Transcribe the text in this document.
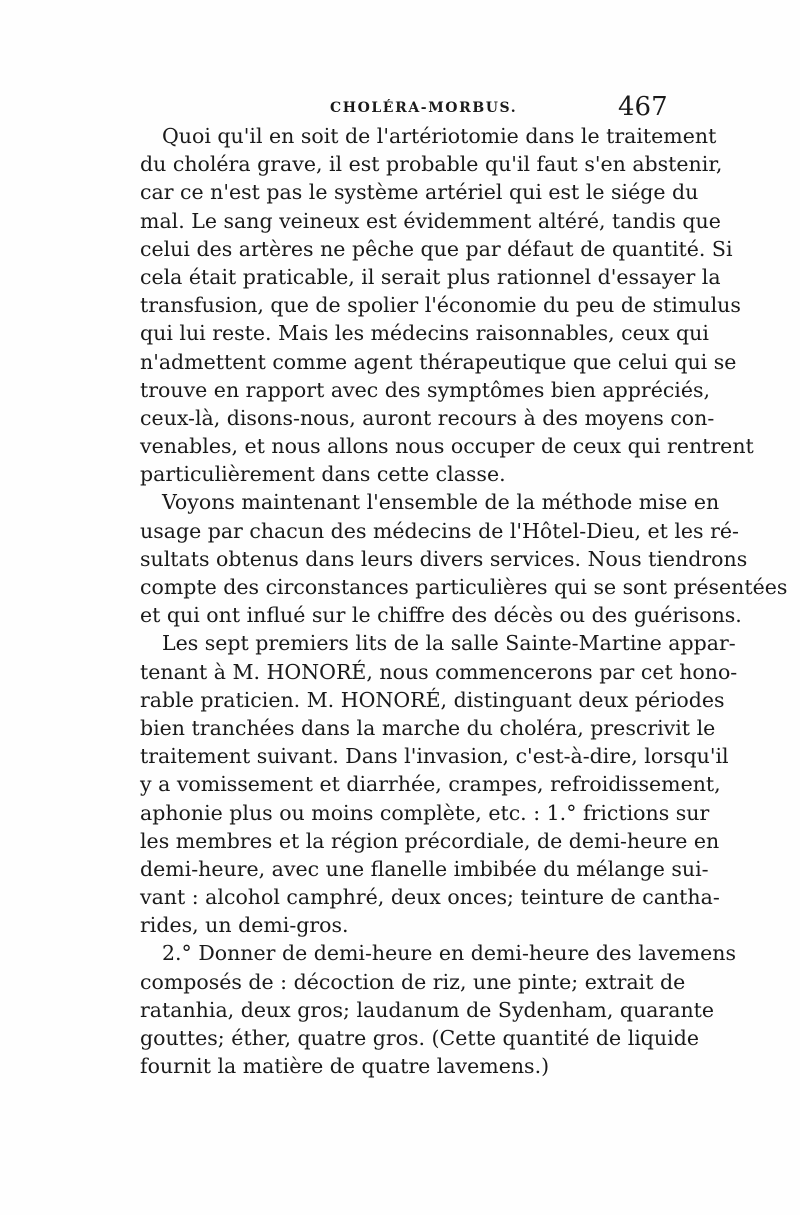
CHOLÉRA-MORBUS.	467
Quoi qu'il en soit de l'artériotomie dans le traitement
du choléra grave, il est probable qu'il faut s'en abstenir,
car ce n'est pas le système artériel qui est le siége du
mal. Le sang veineux est évidemment altéré, tandis que
celui des artères ne pêche que par défaut de quantité. Si
cela était praticable, il serait plus rationnel d'essayer la
transfusion, que de spolier l'économie du peu de stimulus
qui lui reste. Mais les médecins raisonnables, ceux qui
n'admettent comme agent thérapeutique que celui qui se
trouve en rapport avec des symptômes bien appréciés,
ceux-là, disons-nous, auront recours à des moyens con-
venables, et nous allons nous occuper de ceux qui rentrent
particulièrement dans cette classe.
Voyons maintenant l'ensemble de la méthode mise en
usage par chacun des médecins de l'Hôtel-Dieu, et les ré-
sultats obtenus dans leurs divers services. Nous tiendrons
compte des circonstances particulières qui se sont présentées
et qui ont influé sur le chiffre des décès ou des guérisons.
Les sept premiers lits de la salle Sainte-Martine appar-
tenant à M. HONORÉ, nous commencerons par cet hono-
rable praticien. M. HONORÉ, distinguant deux périodes
bien tranchées dans la marche du choléra, prescrivit le
traitement suivant. Dans l'invasion, c'est-à-dire, lorsqu'il
y a vomissement et diarrhée, crampes, refroidissement,
aphonie plus ou moins complète, etc. : 1.° frictions sur
les membres et la région précordiale, de demi-heure en
demi-heure, avec une flanelle imbibée du mélange sui-
vant : alcohol camphré, deux onces; teinture de cantha-
rides, un demi-gros.
2.° Donner de demi-heure en demi-heure des lavemens
composés de : décoction de riz, une pinte; extrait de
ratanhia, deux gros; laudanum de Sydenham, quarante
gouttes; éther, quatre gros. (Cette quantité de liquide
fournit la matière de quatre lavemens.)
